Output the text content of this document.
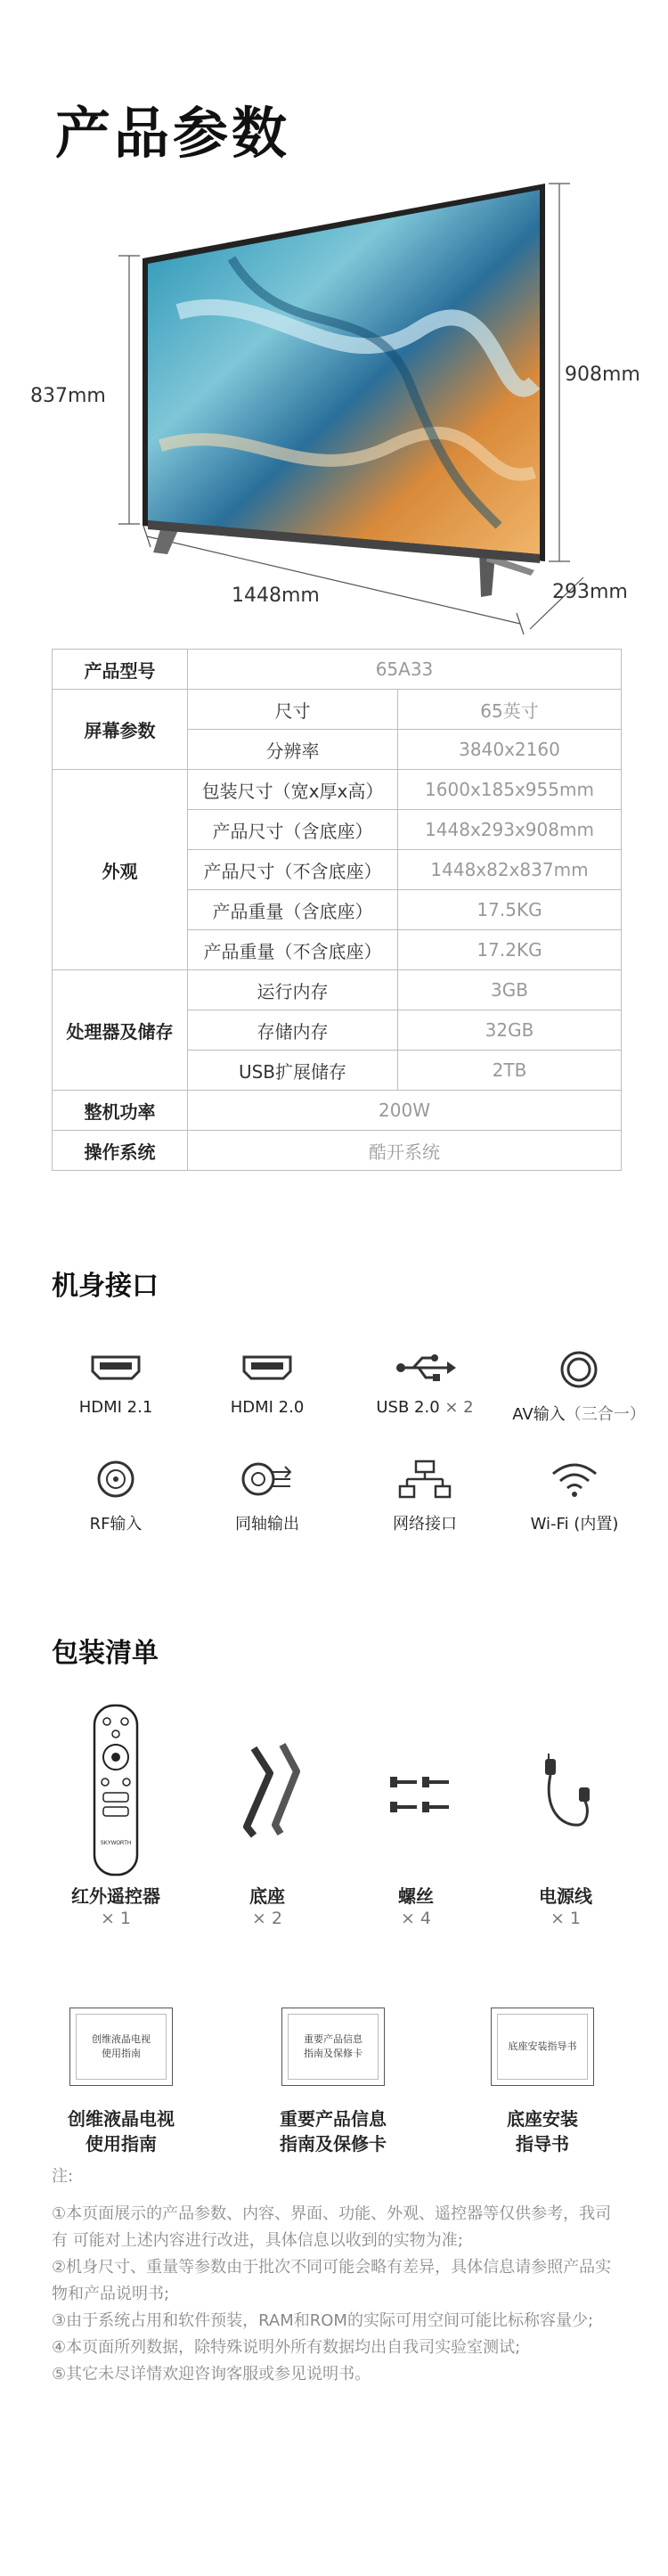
产品参数
837mm
908mm
1448mm	293mm
产品型号	65A33	
屏幕参数	尺寸	65英寸
	分辨率	3840x2160
外观	包装尺寸（宽x厚x高）	1600x185x955mm
	产品尺寸（含底座）	1448x293x908mm
	产品尺寸（不含底座）	1448x82x837mm
	产品重量（含底座）	17.5KG
	产品重量（不含底座）	17.2KG
处理器及储存	运行内存	3GB
	存储内存	32GB
	USB扩展储存	2TB
整机功率	200W	
操作系统	酷开系统	
机身接口
HDMI 2.1	HDMI 2.0	USB 2.0 × 2	AV输入（三合一）
RF输入	同轴输出	网络接口	Wi-Fi (内置)
包装清单
SKYWORTH
红外遥控器
× 1
底座
× 2
螺丝
× 4
电源线
× 1
创维液晶电视
使用指南
重要产品信息
指南及保修卡
底座安装指导书
创维液晶电视
使用指南
重要产品信息
指南及保修卡
底座安装
指导书
注:
①本页面展示的产品参数、内容、界面、功能、外观、遥控器等仅供参考，我司有 可能对上述内容进行改进，具体信息以收到的实物为准;
②机身尺寸、重量等参数由于批次不同可能会略有差异，具体信息请参照产品实物和产品说明书;
③由于系统占用和软件预装，RAM和ROM的实际可用空间可能比标称容量少;
④本页面所列数据，除特殊说明外所有数据均出自我司实验室测试;
⑤其它未尽详情欢迎咨询客服或参见说明书。
